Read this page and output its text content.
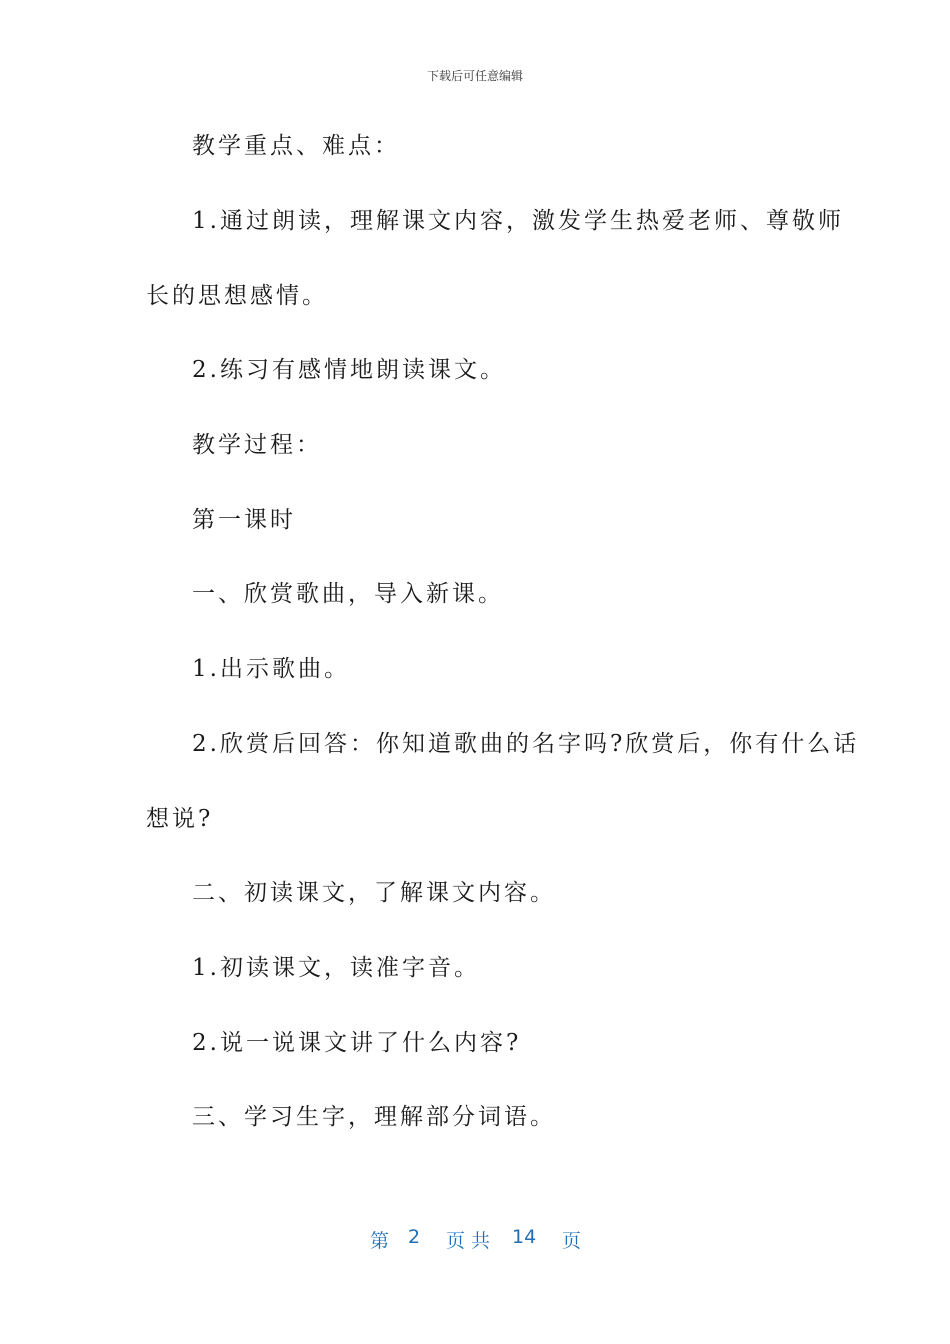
下载后可任意编辑
教学重点、难点：
1.通过朗读，理解课文内容，激发学生热爱老师、尊敬师
长的思想感情。
2.练习有感情地朗读课文。
教学过程：
第一课时
一、欣赏歌曲，导入新课。
1.出示歌曲。
2.欣赏后回答：你知道歌曲的名字吗?欣赏后，你有什么话
想说?
二、初读课文，了解课文内容。
1.初读课文，读准字音。
2.说一说课文讲了什么内容?
三、学习生字，理解部分词语。
第 2 页 共 14 页
